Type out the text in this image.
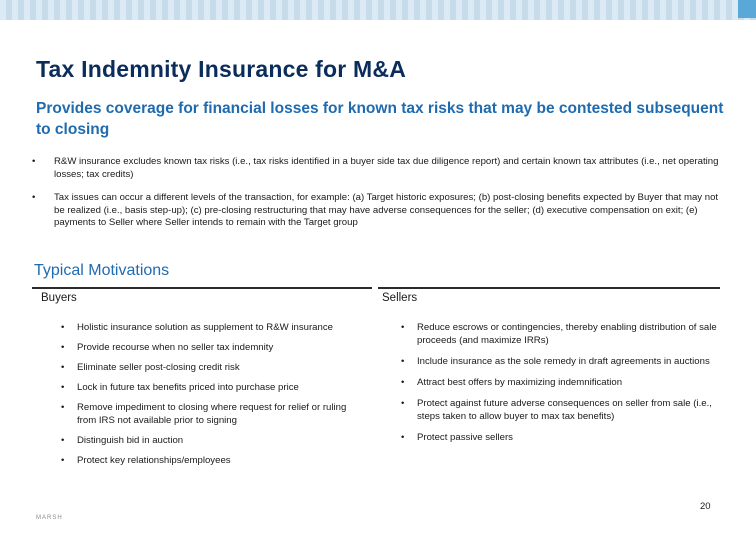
Tax Indemnity Insurance for M&A
Provides coverage for financial losses for known tax risks that may be contested subsequent to closing
• R&W insurance excludes known tax risks (i.e., tax risks identified in a buyer side tax due diligence report) and certain known tax attributes (i.e., net operating losses; tax credits)
• Tax issues can occur a different levels of the transaction, for example: (a) Target historic exposures; (b) post-closing benefits expected by Buyer that may not be realized (i.e., basis step-up); (c) pre-closing restructuring that may have adverse consequences for the seller; (d) executive compensation on exit; (e) payments to Seller where Seller intends to remain with the Target group
Typical Motivations
Buyers	Sellers
• Holistic insurance solution as supplement to R&W insurance
• Provide recourse when no seller tax indemnity
• Eliminate seller post-closing credit risk
• Lock in future tax benefits priced into purchase price
• Remove impediment to closing where request for relief or ruling from IRS not available prior to signing
• Distinguish bid in auction
• Protect key relationships/employees
• Reduce escrows or contingencies, thereby enabling distribution of sale proceeds (and maximize IRRs)
• Include insurance as the sole remedy in draft agreements in auctions
• Attract best offers by maximizing indemnification
• Protect against future adverse consequences on seller from sale (i.e., steps taken to allow buyer to max tax benefits)
• Protect passive sellers
20
MARSH
